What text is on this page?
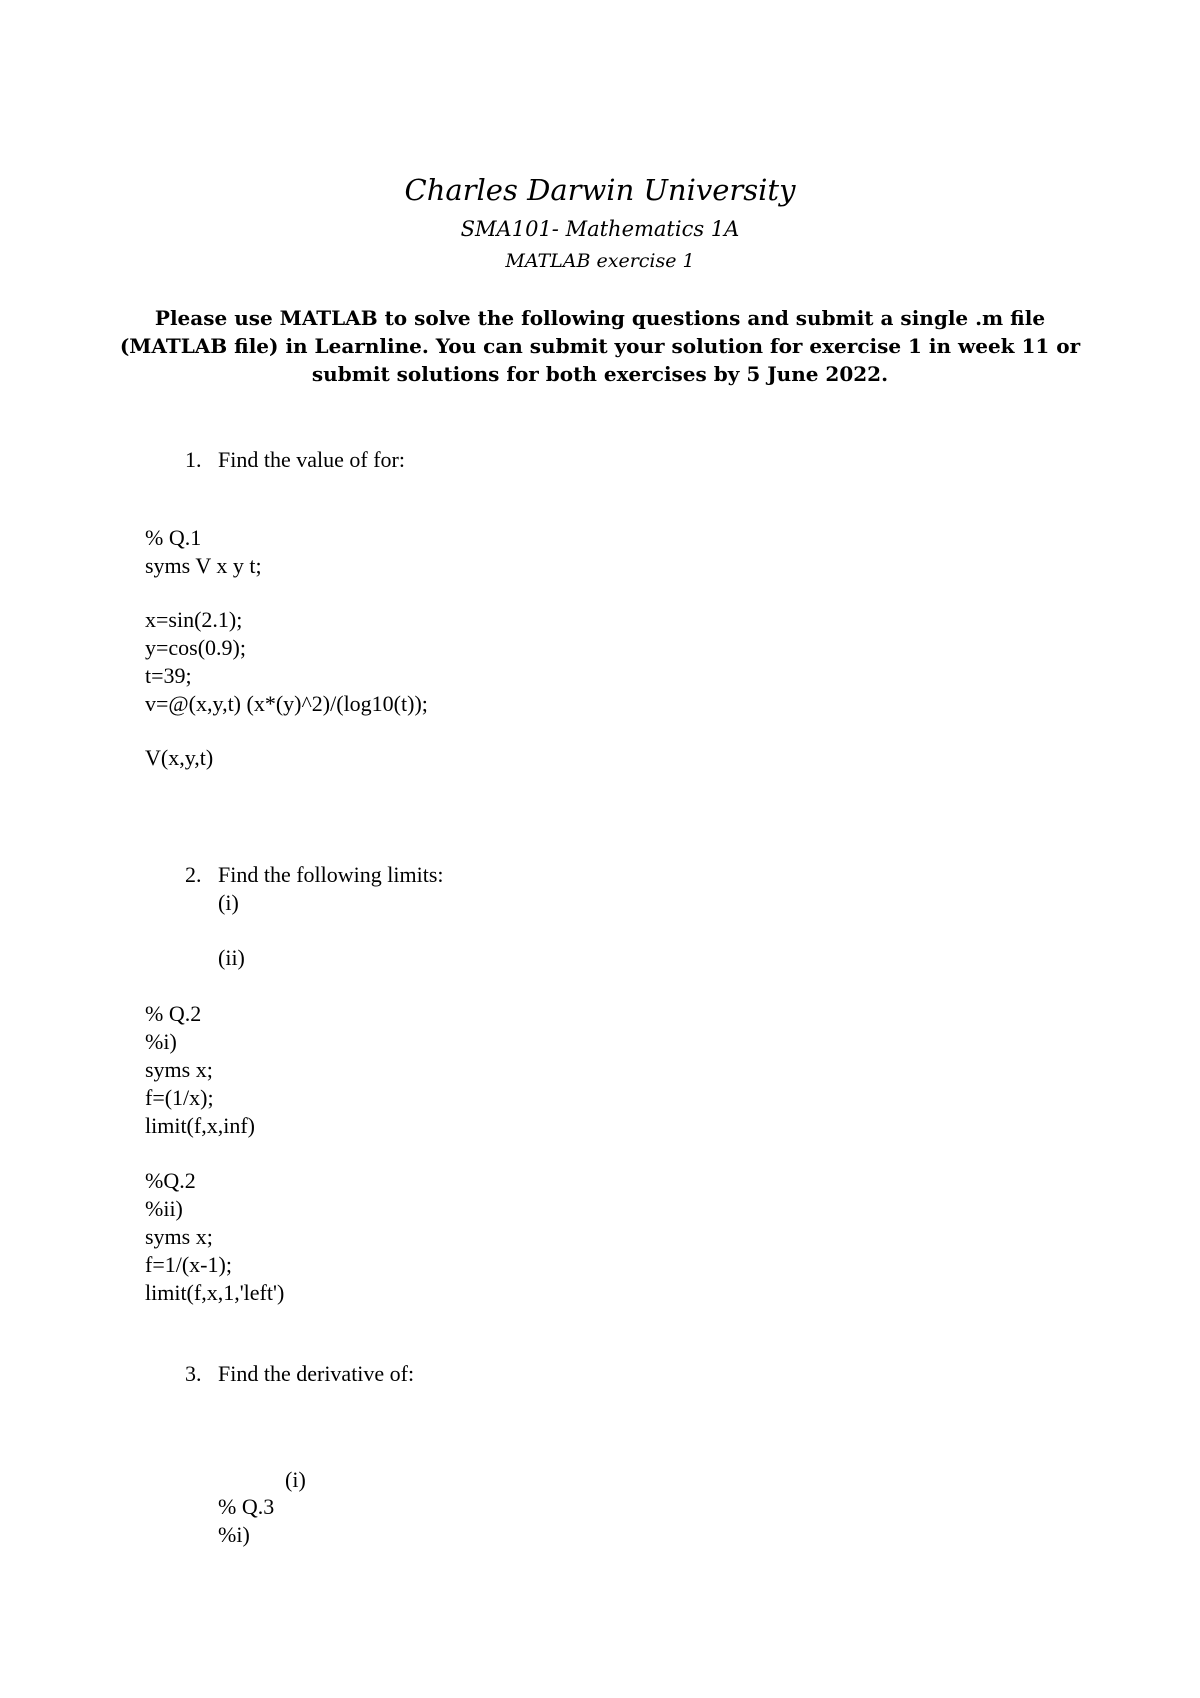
Charles Darwin University
SMA101- Mathematics 1A
MATLAB exercise 1
Please use MATLAB to solve the following questions and submit a single .m file
(MATLAB file) in Learnline. You can submit your solution for exercise 1 in week 11 or
submit solutions for both exercises by 5 June 2022.
1. Find the value of for:
% Q.1
syms V x y t;
x=sin(2.1);
y=cos(0.9);
t=39;
v=@(x,y,t) (x*(y)^2)/(log10(t));
V(x,y,t)
2. Find the following limits:
(i)
(ii)
% Q.2
%i)
syms x;
f=(1/x);
limit(f,x,inf)
%Q.2
%ii)
syms x;
f=1/(x-1);
limit(f,x,1,'left')
3. Find the derivative of:
(i)
% Q.3
%i)
